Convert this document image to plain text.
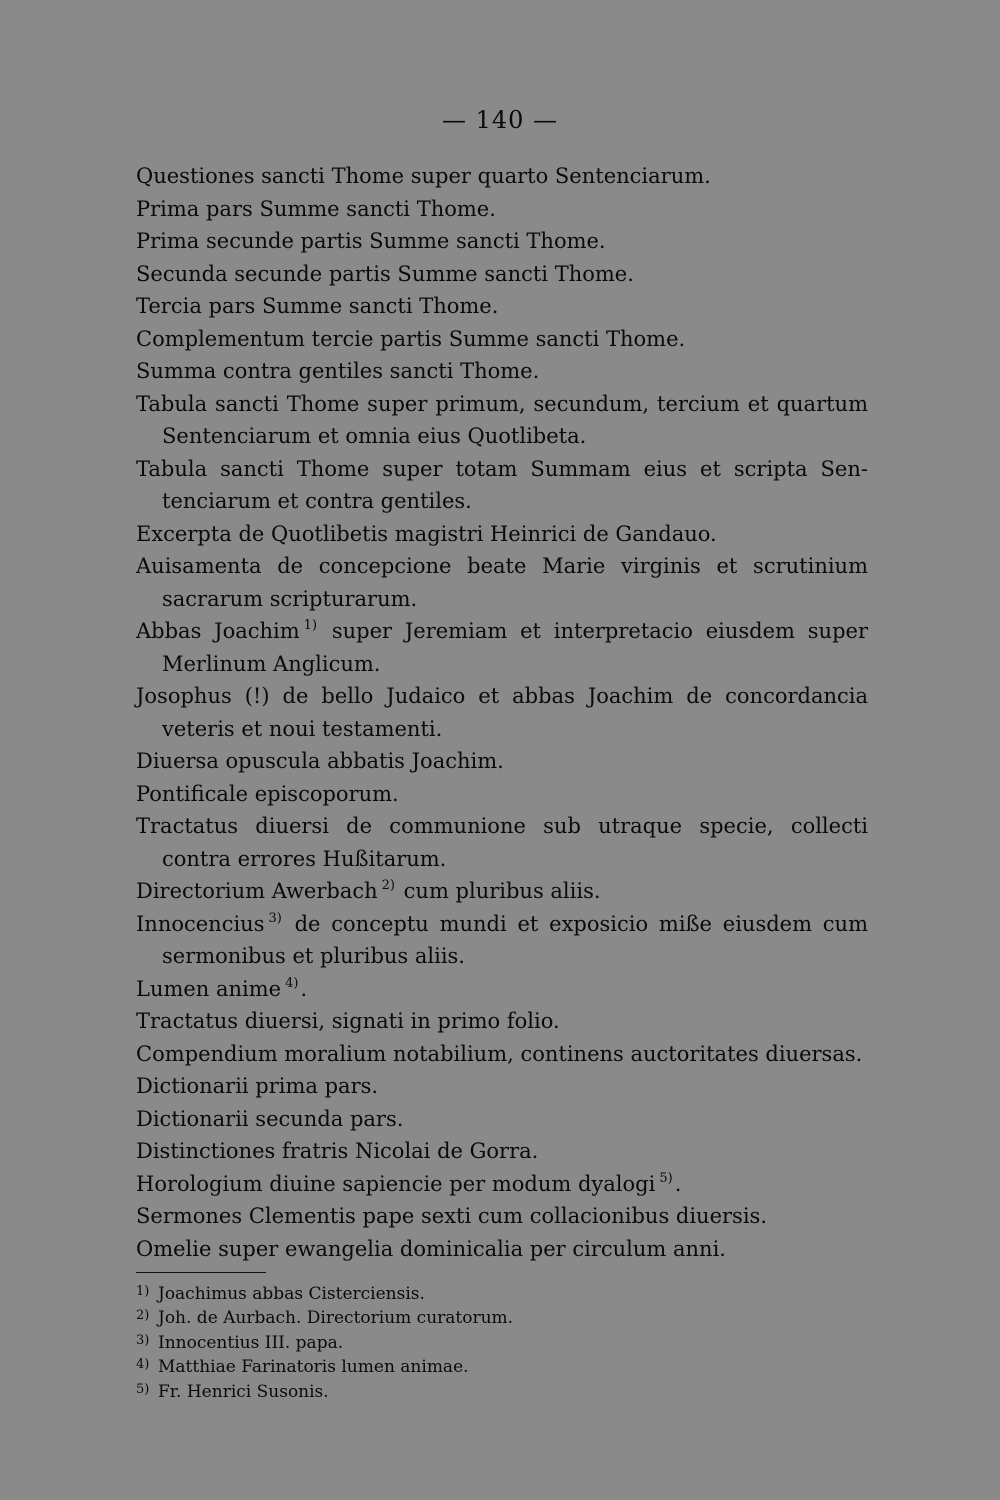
— 140 —

Questiones sancti Thome super quarto Sentenciarum.

Prima pars Summe sancti Thome.

Prima secunde partis Summe sancti Thome.

Secunda secunde partis Summe sancti Thome.

Tercia pars Summe sancti Thome.

Complementum tercie partis Summe sancti Thome.

Summa contra gentiles sancti Thome.

Tabula sancti Thome super primum, secundum, tercium et quartum Sentenciarum et omnia eius Quotlibeta.

Tabula sancti Thome super totam Summam eius et scripta Sentenciarum et contra gentiles.

Excerpta de Quotlibetis magistri Heinrici de Gandauo.

Auisamenta de concepcione beate Marie virginis et scrutinium sacrarum scripturarum.

Abbas Joachim $^{1)}$ super Jeremiam et interpretacio eiusdem super Merlinum Anglicum.

Josophus (!) de bello Judaico et abbas Joachim de concordancia veteris et noui testamenti.

Diuersa opuscula abbatis Joachim.

Pontificale episcoporum.

Tractatus diuersi de communione sub utraque specie, collecti contra errores Hußitarum.

Directorium Awerbach $^{2)}$ cum pluribus aliis.

Innocencius $^{3)}$ de conceptu mundi et exposicio miße eiusdem cum sermonibus et pluribus aliis.

Lumen anime $^{4)}$.

Tractatus diuersi, signati in primo folio.

Compendium moralium notabilium, continens auctoritates diuersas.

Dictionarii prima pars.

Dictionarii secunda pars.

Distinctiones fratris Nicolai de Gorra.

Horologium diuine sapiencie per modum dyalogi $^{5)}$.

Sermones Clementis pape sexti cum collacionibus diuersis.

Omelie super ewangelia dominicalia per circulum anni.

1) Joachimus abbas Cisterciensis.

2) Joh. de Aurbach. Directorium curatorum.

3) Innocentius III. papa.

4) Matthiae Farinatoris lumen animae.

5) Fr. Henrici Susonis.
